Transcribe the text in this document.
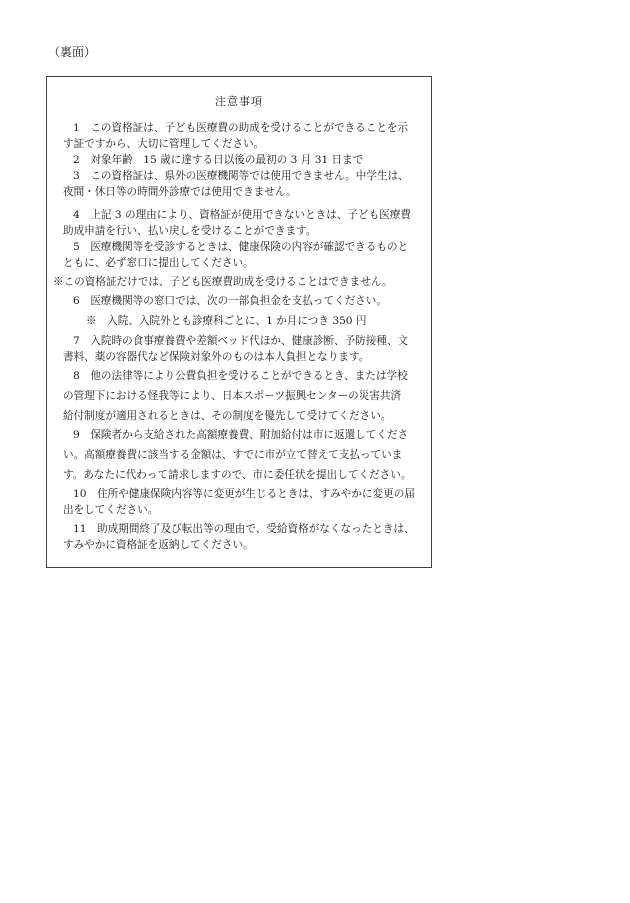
（裏面）
注意事項
1　この資格証は、子ども医療費の助成を受けることができることを示
す証ですから、大切に管理してください。
2　対象年齢　15 歳に達する日以後の最初の 3 月 31 日まで
3　この資格証は、県外の医療機関等では使用できません。中学生は、
夜間・休日等の時間外診療では使用できません。
4　上記 3 の理由により、資格証が使用できないときは、子ども医療費
助成申請を行い、払い戻しを受けることができます。
5　医療機関等を受診するときは、健康保険の内容が確認できるものと
ともに、必ず窓口に提出してください。
※この資格証だけでは、子ども医療費助成を受けることはできません。
6　医療機関等の窓口では、次の一部負担金を支払ってください。
※　入院、入院外とも診療科ごとに、1 か月につき 350 円
7　入院時の食事療養費や差額ベッド代ほか、健康診断、予防接種、文
書料、薬の容器代など保険対象外のものは本人負担となります。
8　他の法律等により公費負担を受けることができるとき、または学校
の管理下における怪我等により、日本スポーツ振興センターの災害共済
給付制度が適用されるときは、その制度を優先して受けてください。
9　保険者から支給された高額療養費、附加給付は市に返還してくださ
い。高額療養費に該当する金額は、すでに市が立て替えて支払っていま
す。あなたに代わって請求しますので、市に委任状を提出してください。
10　住所や健康保険内容等に変更が生じるときは、すみやかに変更の届
出をしてください。
11　助成期間終了及び転出等の理由で、受給資格がなくなったときは、
すみやかに資格証を返納してください。
